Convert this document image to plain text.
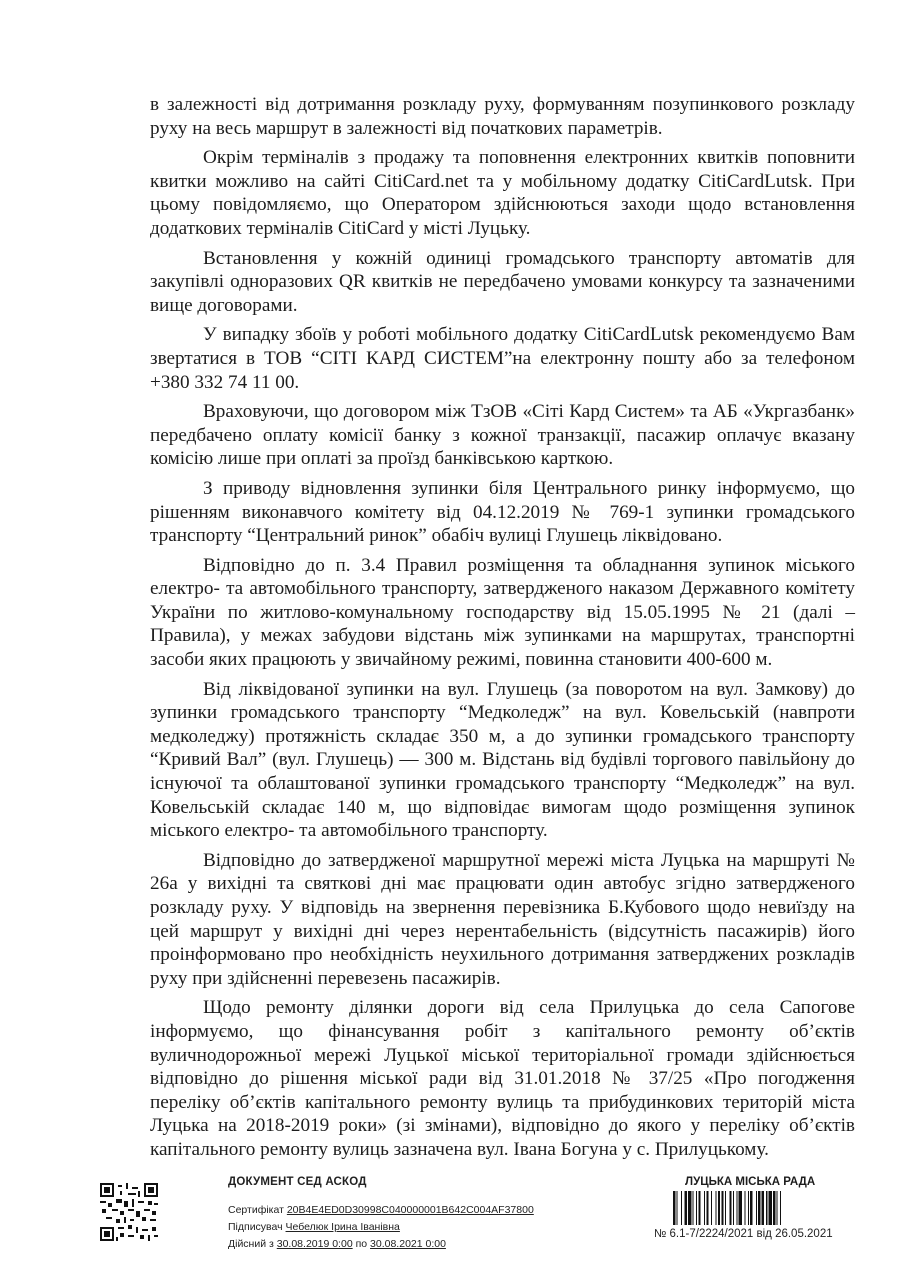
в залежності від дотримання розкладу руху, формуванням позупинкового розкладу руху на весь маршрут в залежності від початкових параметрів.

Окрім терміналів з продажу та поповнення електронних квитків поповнити квитки можливо на сайті CitiCard.net та у мобільному додатку CitiCardLutsk. При цьому повідомляємо, що Оператором здійснюються заходи щодо встановлення додаткових терміналів CitiCard у місті Луцьку.

Встановлення у кожній одиниці громадського транспорту автоматів для закупівлі одноразових QR квитків не передбачено умовами конкурсу та зазначеними вище договорами.

У випадку збоїв у роботі мобільного додатку CitiCardLutsk рекомендуємо Вам звертатися в ТОВ “СІТІ КАРД СИСТЕМ”на електронну пошту або за телефоном +380 332 74 11 00.

Враховуючи, що договором між ТзОВ «Сіті Кард Систем» та АБ «Укргазбанк» передбачено оплату комісії банку з кожної транзакції, пасажир оплачує вказану комісію лише при оплаті за проїзд банківською карткою.

З приводу відновлення зупинки біля Центрального ринку інформуємо, що рішенням виконавчого комітету від 04.12.2019 № 769-1 зупинки громадського транспорту “Центральний ринок” обабіч вулиці Глушець ліквідовано.

Відповідно до п. 3.4 Правил розміщення та обладнання зупинок міського електро- та автомобільного транспорту, затвердженого наказом Державного комітету України по житлово-комунальному господарству від 15.05.1995 № 21 (далі –Правила), у межах забудови відстань між зупинками на маршрутах, транспортні засоби яких працюють у звичайному режимі, повинна становити 400-600 м.

Від ліквідованої зупинки на вул. Глушець (за поворотом на вул. Замкову) до зупинки громадського транспорту “Медколедж” на вул. Ковельській (навпроти медколеджу) протяжність складає 350 м, а до зупинки громадського транспорту “Кривий Вал” (вул. Глушець) — 300 м. Відстань від будівлі торгового павільйону до існуючої та облаштованої зупинки громадського транспорту “Медколедж” на вул. Ковельській складає 140 м, що відповідає вимогам щодо розміщення зупинок міського електро- та автомобільного транспорту.

Відповідно до затвердженої маршрутної мережі міста Луцька на маршруті № 26а у вихідні та святкові дні має працювати один автобус згідно затвердженого розкладу руху. У відповідь на звернення перевізника Б.Кубового щодо невиїзду на цей маршрут у вихідні дні через нерентабельність (відсутність пасажирів) його проінформовано про необхідність неухильного дотримання затверджених розкладів руху при здійсненні перевезень пасажирів.

Щодо ремонту ділянки дороги від села Прилуцька до села Сапогове інформуємо, що фінансування робіт з капітального ремонту об’єктів вуличнодорожньої мережі Луцької міської територіальної громади здійснюється відповідно до рішення міської ради від 31.01.2018 № 37/25 «Про погодження переліку об’єктів капітального ремонту вулиць та прибудинкових територій міста Луцька на 2018-2019 роки» (зі змінами), відповідно до якого у переліку об’єктів капітального ремонту вулиць зазначена вул. Івана Богуна у с. Прилуцькому.

ДОКУМЕНТ СЕД АСКОД
Сертифікат 20B4E4ED0D30998C040000001B642C004AF37800
Підписувач Чебелюк Ірина Іванівна
Дійсний з 30.08.2019 0:00 по 30.08.2021 0:00
ЛУЦЬКА МІСЬКА РАДА
№ 6.1-7/2224/2021 від 26.05.2021
